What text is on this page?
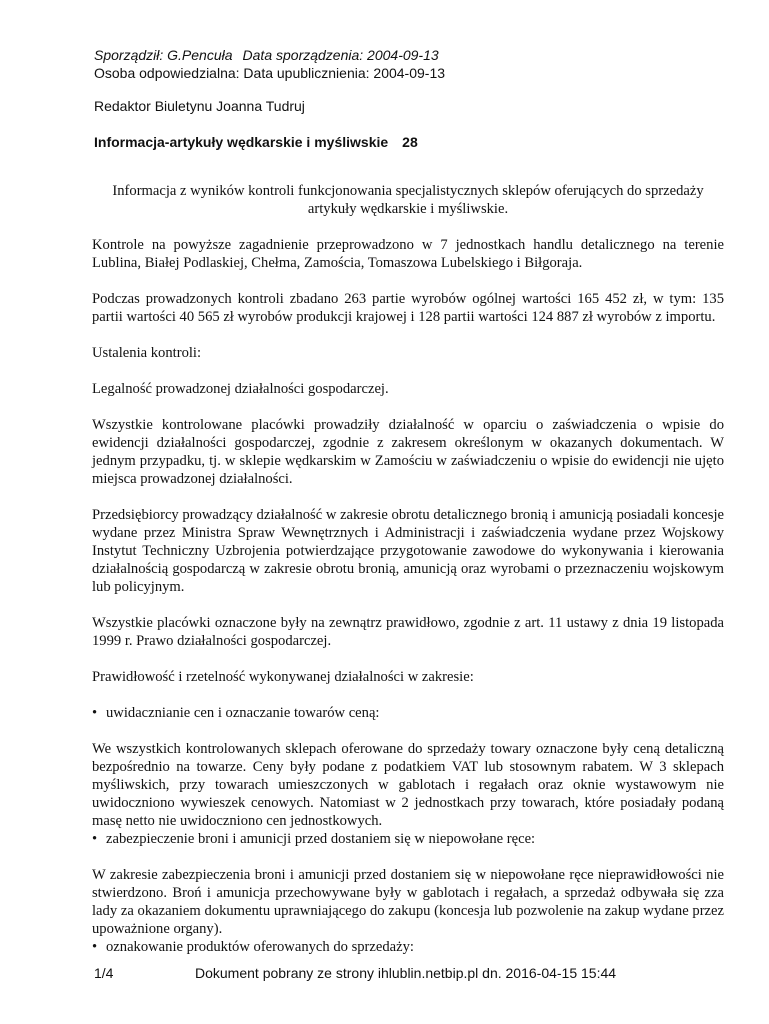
Sporządził: G.Pencuła Data sporządzenia: 2004-09-13
Osoba odpowiedzialna: Data upublicznienia: 2004-09-13
Redaktor Biuletynu Joanna Tudruj
Informacja-artykuły wędkarskie i myśliwskie 28

Informacja z wyników kontroli funkcjonowania specjalistycznych sklepów oferujących do sprzedaży artykuły wędkarskie i myśliwskie.

Kontrole na powyższe zagadnienie przeprowadzono w 7 jednostkach handlu detalicznego na terenie Lublina, Białej Podlaskiej, Chełma, Zamościa, Tomaszowa Lubelskiego i Biłgoraja.

Podczas prowadzonych kontroli zbadano 263 partie wyrobów ogólnej wartości 165 452 zł, w tym: 135 partii wartości 40 565 zł wyrobów produkcji krajowej i 128 partii wartości 124 887 zł wyrobów z importu.

Ustalenia kontroli:

Legalność prowadzonej działalności gospodarczej.

Wszystkie kontrolowane placówki prowadziły działalność w oparciu o zaświadczenia o wpisie do ewidencji działalności gospodarczej, zgodnie z zakresem określonym w okazanych dokumentach. W jednym przypadku, tj. w sklepie wędkarskim w Zamościu w zaświadczeniu o wpisie do ewidencji nie ujęto miejsca prowadzonej działalności.

Przedsiębiorcy prowadzący działalność w zakresie obrotu detalicznego bronią i amunicją posiadali koncesje wydane przez Ministra Spraw Wewnętrznych i Administracji i zaświadczenia wydane przez Wojskowy Instytut Techniczny Uzbrojenia potwierdzające przygotowanie zawodowe do wykonywania i kierowania działalnością gospodarczą w zakresie obrotu bronią, amunicją oraz wyrobami o przeznaczeniu wojskowym lub policyjnym.

Wszystkie placówki oznaczone były na zewnątrz prawidłowo, zgodnie z art. 11 ustawy z dnia 19 listopada 1999 r. Prawo działalności gospodarczej.

Prawidłowość i rzetelność wykonywanej działalności w zakresie:

• uwidacznianie cen i oznaczanie towarów ceną:

We wszystkich kontrolowanych sklepach oferowane do sprzedaży towary oznaczone były ceną detaliczną bezpośrednio na towarze. Ceny były podane z podatkiem VAT lub stosownym rabatem. W 3 sklepach myśliwskich, przy towarach umieszczonych w gablotach i regałach oraz oknie wystawowym nie uwidoczniono wywieszek cenowych. Natomiast w 2 jednostkach przy towarach, które posiadały podaną masę netto nie uwidoczniono cen jednostkowych.

• zabezpieczenie broni i amunicji przed dostaniem się w niepowołane ręce:

W zakresie zabezpieczenia broni i amunicji przed dostaniem się w niepowołane ręce nieprawidłowości nie stwierdzono. Broń i amunicja przechowywane były w gablotach i regałach, a sprzedaż odbywała się zza lady za okazaniem dokumentu uprawniającego do zakupu (koncesja lub pozwolenie na zakup wydane przez upoważnione organy).

• oznakowanie produktów oferowanych do sprzedaży:
1/4	Dokument pobrany ze strony ihlublin.netbip.pl dn. 2016-04-15 15:44
